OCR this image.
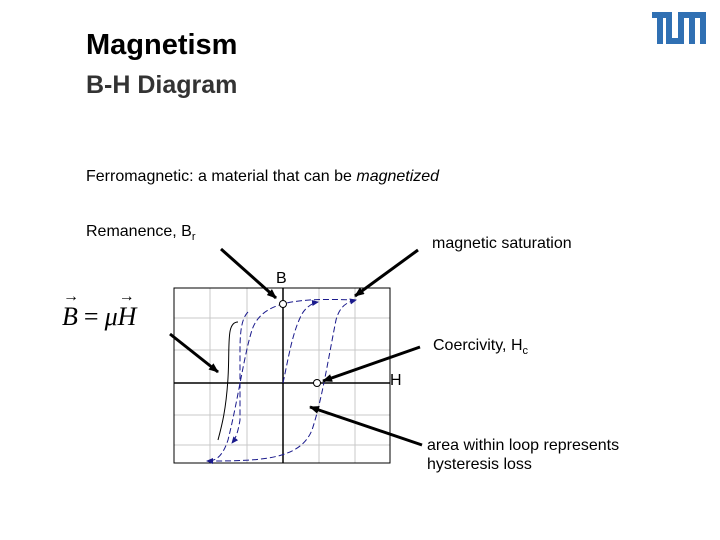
Magnetism
B-H Diagram
Ferromagnetic: a material that can be magnetized
Remanence, $B_r$	magnetic saturation
B
H
Coercivity, $H_c$
area within loop represents
hysteresis loss
→ B = μ→ H
